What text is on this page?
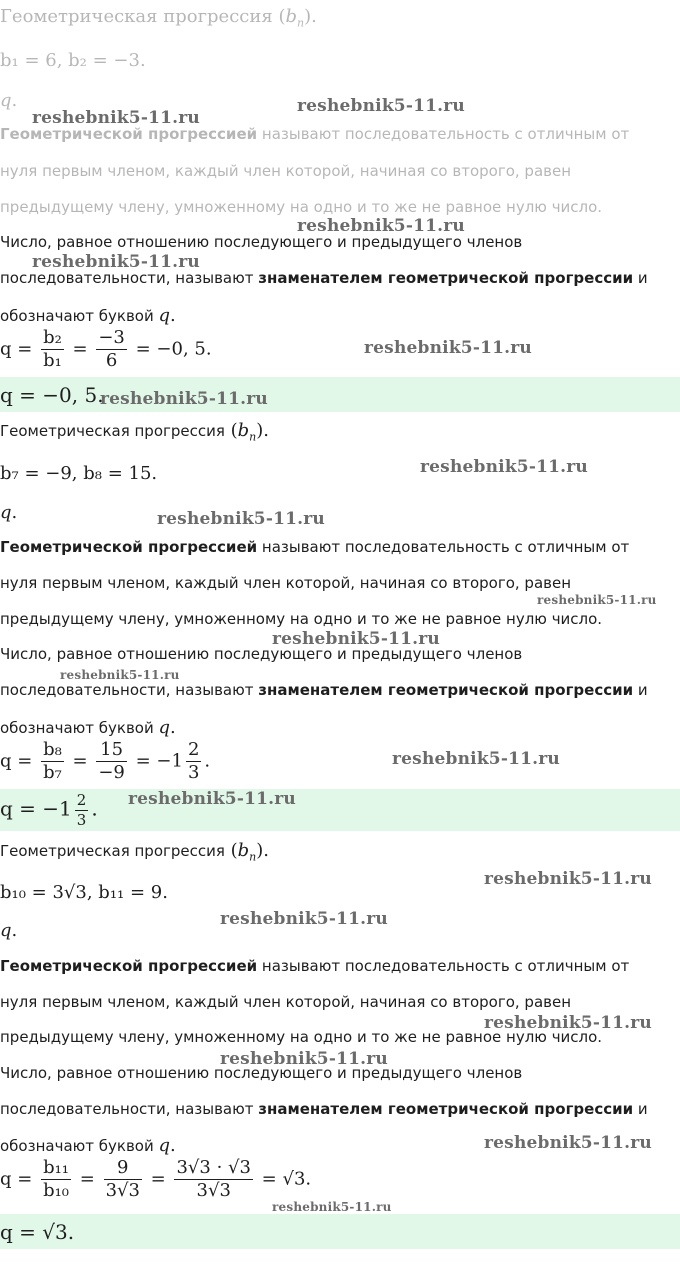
Геометрическая прогрессия $(b_n)$.
b₁ = 6, b₂ = −3.
q.
Геометрической прогрессией называют последовательность с отличным от
нуля первым членом, каждый член которой, начиная со второго, равен
предыдущему члену, умноженному на одно и то же не равное нулю число.
Число, равное отношению последующего и предыдущего членов
последовательности, называют знаменателем геометрической прогрессии и
обозначают буквой q.
$q = \frac{\text{b₂}}{\text{b₁}} = \frac{-3}{6} = -0$, 5.
q = −0, 5.
Геометрическая прогрессия $(b_n)$.
b₇ = −9, b₈ = 15.
q.
Геометрической прогрессией называют последовательность с отличным от
нуля первым членом, каждый член которой, начиная со второго, равен
предыдущему члену, умноженному на одно и то же не равное нулю число.
Число, равное отношению последующего и предыдущего членов
последовательности, называют знаменателем геометрической прогрессии и
обозначают буквой q.
$q = \frac{\text{b₈}}{\text{b₇}} = \frac{15}{-9} = -1 \frac{2}{3}$ .
$q = -1 \frac{2}{3}$ .
Геометрическая прогрессия $(b_n)$.
b₁₀ = 3√3, b₁₁ = 9.
q.
Геометрической прогрессией называют последовательность с отличным от
нуля первым членом, каждый член которой, начиная со второго, равен
предыдущему члену, умноженному на одно и то же не равное нулю число.
Число, равное отношению последующего и предыдущего членов
последовательности, называют знаменателем геометрической прогрессии и
обозначают буквой q.
$q = \frac{\text{b₁₁}}{\text{b₁₀}} = \frac{9}{3√3} = \frac{3√3 \cdot √3}{3√3} = √3$.
q = √3.
reshebnik5-11.ru
reshebnik5-11.ru
reshebnik5-11.ru
reshebnik5-11.ru
reshebnik5-11.ru
reshebnik5-11.ru
reshebnik5-11.ru
reshebnik5-11.ru
reshebnik5-11.ru
reshebnik5-11.ru
reshebnik5-11.ru
reshebnik5-11.ru
reshebnik5-11.ru
reshebnik5-11.ru
reshebnik5-11.ru
reshebnik5-11.ru
reshebnik5-11.ru
reshebnik5-11.ru
reshebnik5-11.ru
